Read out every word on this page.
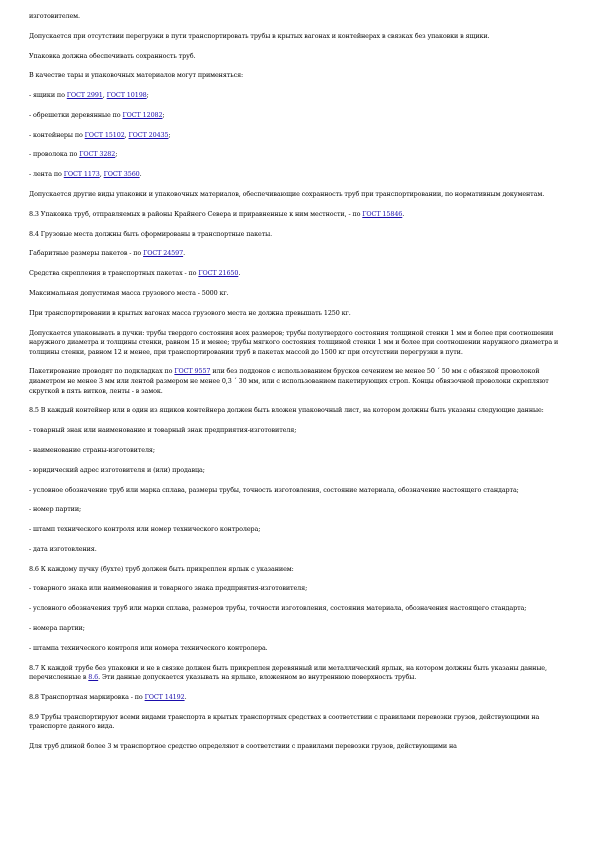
изготовителем.

Допускается при отсутствии перегрузки в пути транспортировать трубы в крытых вагонах и контейнерах в связках без упаковки в ящики.

Упаковка должна обеспечивать сохранность труб.

В качестве тары и упаковочных материалов могут применяться:

- ящики по ГОСТ 2991, ГОСТ 10198;

- обрешетки деревянные по ГОСТ 12082;

- контейнеры по ГОСТ 15102, ГОСТ 20435;

- проволока по ГОСТ 3282;

- лента по ГОСТ 1173, ГОСТ 3560.

Допускается другие виды упаковки и упаковочных материалов, обеспечивающие сохранность труб при транспортировании, по нормативным документам.

8.3 Упаковка труб, отправляемых в районы Крайнего Севера и приравненные к ним местности, - по ГОСТ 15846.

8.4 Грузовые места должны быть сформированы в транспортные пакеты.

Габаритные размеры пакетов - по ГОСТ 24597.

Средства скрепления в транспортных пакетах - по ГОСТ 21650.

Максимальная допустимая масса грузового места - 5000 кг.

При транспортировании в крытых вагонах масса грузового места не должна превышать 1250 кг.

Допускается упаковывать в пучки: трубы твердого состояния всех размеров; трубы полутвердого состояния толщиной стенки 1 мм и более при соотношении наружного диаметра и толщины стенки, равном 15 и менее; трубы мягкого состояния толщиной стенки 1 мм и более при соотношении наружного диаметра и толщины стенки, равном 12 и менее, при транспортировании труб в пакетах массой до 1500 кг при отсутствии перегрузки в пути.

Пакетирование проводят по подкладках по ГОСТ 9557 или без поддонов с использованием брусков сечением не менее 50 ´ 50 мм с обвязкой проволокой диаметром не менее 3 мм или лентой размером не менее 0,3 ´ 30 мм, или с использованием пакетирующих строп. Концы обвязочной проволоки скрепляют скруткой в пять витков, ленты - в замок.

8.5 В каждый контейнер или в один из ящиков контейнера должен быть вложен упаковочный лист, на котором должны быть указаны следующие данные:

- товарный знак или наименование и товарный знак предприятия-изготовителя;

- наименование страны-изготовителя;

- юридический адрес изготовителя и (или) продавца;

- условное обозначение труб или марка сплава, размеры трубы, точность изготовления, состояние материала, обозначение настоящего стандарта;

- номер партии;

- штамп технического контроля или номер технического контролера;

- дата изготовления.

8.6 К каждому пучку (бухте) труб должен быть прикреплен ярлык с указанием:

- товарного знака или наименования и товарного знака предприятия-изготовителя;

- условного обозначения труб или марки сплава, размеров трубы, точности изготовления, состояния материала, обозначения настоящего стандарта;

- номера партии;

- штампа технического контроля или номера технического контролера.

8.7 К каждой трубе без упаковки и не в связке должен быть прикреплен деревянный или металлический ярлык, на котором должны быть указаны данные, перечисленные в 8.6. Эти данные допускается указывать на ярлыке, вложенном во внутреннюю поверхность трубы.

8.8 Транспортная маркировка - по ГОСТ 14192.

8.9 Трубы транспортируют всеми видами транспорта в крытых транспортных средствах в соответствии с правилами перевозки грузов, действующими на транспорте данного вида.

Для труб длиной более 3 м транспортное средство определяют в соответствии с правилами перевозки грузов, действующими на
